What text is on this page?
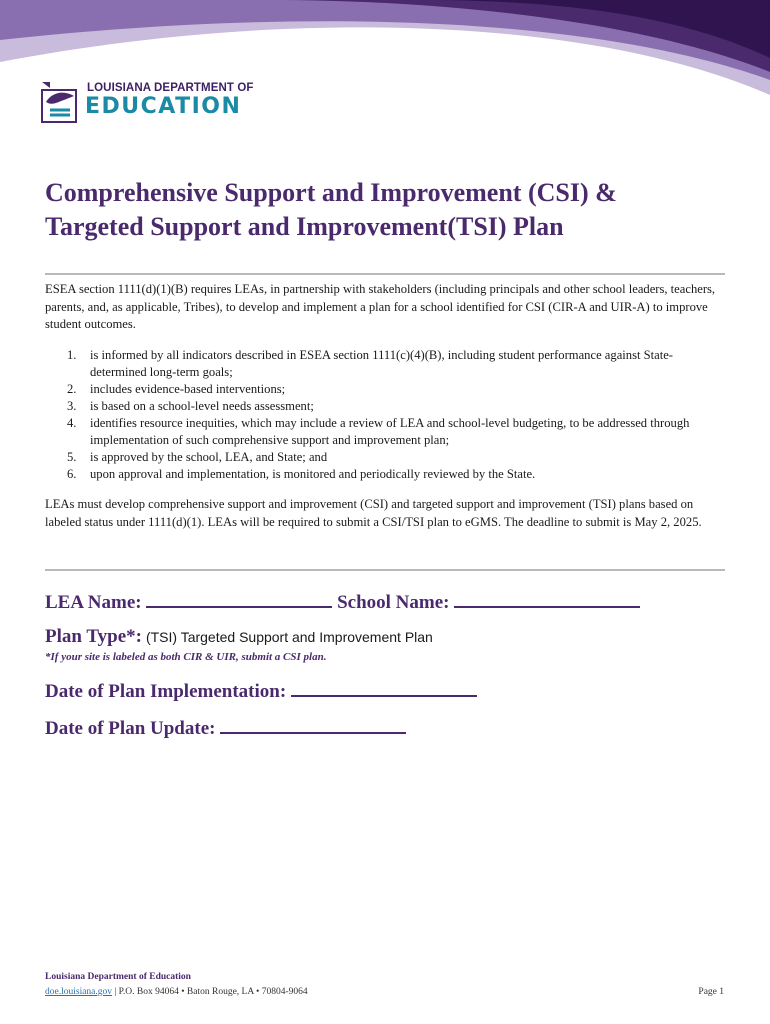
LOUISIANA DEPARTMENT OF
EDUCATION
Comprehensive Support and Improvement (CSI) &
Targeted Support and Improvement(TSI) Plan

ESEA section 1111(d)(1)(B) requires LEAs, in partnership with stakeholders (including principals and other school leaders, teachers, parents, and, as applicable, Tribes), to develop and implement a plan for a school identified for CSI (CIR-A and UIR-A) to improve student outcomes.

1. is informed by all indicators described in ESEA section 1111(c)(4)(B), including student performance against State-determined long-term goals;
2. includes evidence-based interventions;
3. is based on a school-level needs assessment;
4. identifies resource inequities, which may include a review of LEA and school-level budgeting, to be addressed through implementation of such comprehensive support and improvement plan;
5. is approved by the school, LEA, and State; and
6. upon approval and implementation, is monitored and periodically reviewed by the State.

LEAs must develop comprehensive support and improvement (CSI) and targeted support and improvement (TSI) plans based on labeled status under 1111(d)(1). LEAs will be required to submit a CSI/TSI plan to eGMS. The deadline to submit is May 2, 2025.

LEA Name:	School Name:

Plan Type*: (TSI) Targeted Support and Improvement Plan

*If your site is labeled as both CIR & UIR, submit a CSI plan.

Date of Plan Implementation:

Date of Plan Update:

Louisiana Department of Education

doe.louisiana.gov | P.O. Box 94064 • Baton Rouge, LA • 70804-9064	Page 1
